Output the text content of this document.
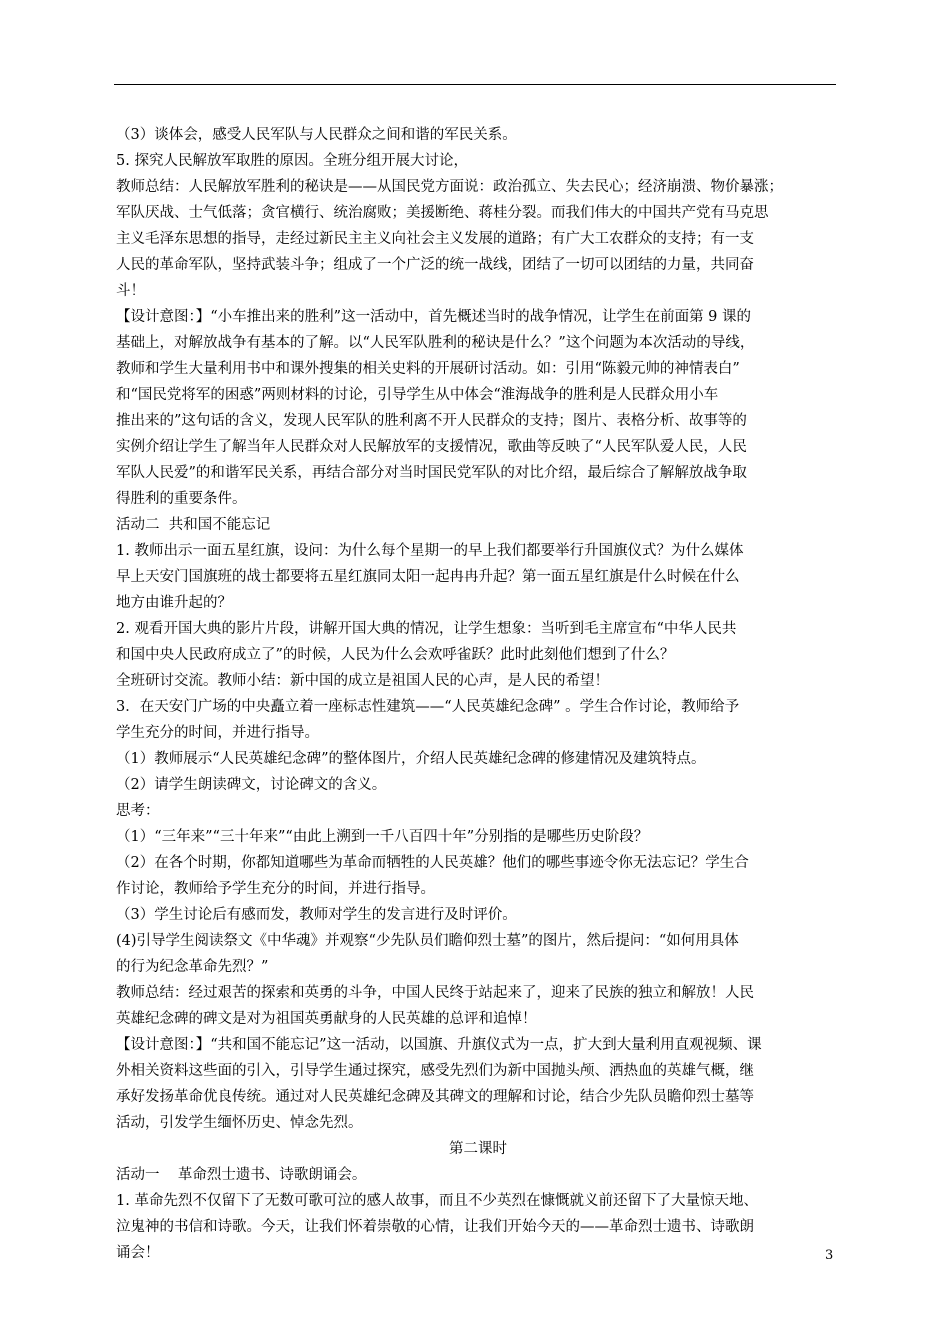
（3）谈体会，感受人民军队与人民群众之间和谐的军民关系。
5. 探究人民解放军取胜的原因。全班分组开展大讨论，
教师总结：人民解放军胜利的秘诀是——从国民党方面说：政治孤立、失去民心；经济崩溃、物价暴涨；
军队厌战、士气低落；贪官横行、统治腐败；美援断绝、蒋桂分裂。而我们伟大的中国共产党有马克思
主义毛泽东思想的指导，走经过新民主主义向社会主义发展的道路；有广大工农群众的支持；有一支
人民的革命军队，坚持武装斗争；组成了一个广泛的统一战线，团结了一切可以团结的力量，共同奋
斗！
【设计意图：】“小车推出来的胜利”这一活动中，首先概述当时的战争情况，让学生在前面第 9 课的
基础上，对解放战争有基本的了解。以“人民军队胜利的秘诀是什么？”这个问题为本次活动的导线，
教师和学生大量利用书中和课外搜集的相关史料的开展研讨活动。如：引用“陈毅元帅的神情表白”
和“国民党将军的困惑”两则材料的讨论，引导学生从中体会“淮海战争的胜利是人民群众用小车
推出来的”这句话的含义，发现人民军队的胜利离不开人民群众的支持；图片、表格分析、故事等的
实例介绍让学生了解当年人民群众对人民解放军的支援情况，歌曲等反映了“人民军队爱人民，人民
军队人民爱”的和谐军民关系，再结合部分对当时国民党军队的对比介绍，最后综合了解解放战争取
得胜利的重要条件。
活动二  共和国不能忘记
1. 教师出示一面五星红旗，设问：为什么每个星期一的早上我们都要举行升国旗仪式？为什么媒体
早上天安门国旗班的战士都要将五星红旗同太阳一起冉冉升起？第一面五星红旗是什么时候在什么
地方由谁升起的？
2. 观看开国大典的影片片段，讲解开国大典的情况，让学生想象：当听到毛主席宣布“中华人民共
和国中央人民政府成立了”的时候，人民为什么会欢呼雀跃？此时此刻他们想到了什么？
全班研讨交流。教师小结：新中国的成立是祖国人民的心声，是人民的希望！
3．在天安门广场的中央矗立着一座标志性建筑——“人民英雄纪念碑” 。学生合作讨论，教师给予
学生充分的时间，并进行指导。
（1）教师展示“人民英雄纪念碑”的整体图片，介绍人民英雄纪念碑的修建情况及建筑特点。
（2）请学生朗读碑文，讨论碑文的含义。
思考：
（1）“三年来”“三十年来”“由此上溯到一千八百四十年”分别指的是哪些历史阶段？
（2）在各个时期，你都知道哪些为革命而牺牲的人民英雄？他们的哪些事迹令你无法忘记？学生合
作讨论，教师给予学生充分的时间，并进行指导。
（3）学生讨论后有感而发，教师对学生的发言进行及时评价。
(4)引导学生阅读祭文《中华魂》并观察“少先队员们瞻仰烈士墓”的图片，然后提问：“如何用具体
的行为纪念革命先烈？”
教师总结：经过艰苦的探索和英勇的斗争，中国人民终于站起来了，迎来了民族的独立和解放！人民
英雄纪念碑的碑文是对为祖国英勇献身的人民英雄的总评和追悼！
【设计意图：】“共和国不能忘记”这一活动，以国旗、升旗仪式为一点，扩大到大量利用直观视频、课
外相关资料这些面的引入，引导学生通过探究，感受先烈们为新中国抛头颅、洒热血的英雄气概，继
承好发扬革命优良传统。通过对人民英雄纪念碑及其碑文的理解和讨论，结合少先队员瞻仰烈士墓等
活动，引发学生缅怀历史、悼念先烈。
第二课时
活动一    革命烈士遗书、诗歌朗诵会。
1. 革命先烈不仅留下了无数可歌可泣的感人故事，而且不少英烈在慷慨就义前还留下了大量惊天地、
泣鬼神的书信和诗歌。今天，让我们怀着崇敬的心情，让我们开始今天的——革命烈士遗书、诗歌朗
诵会！	3
